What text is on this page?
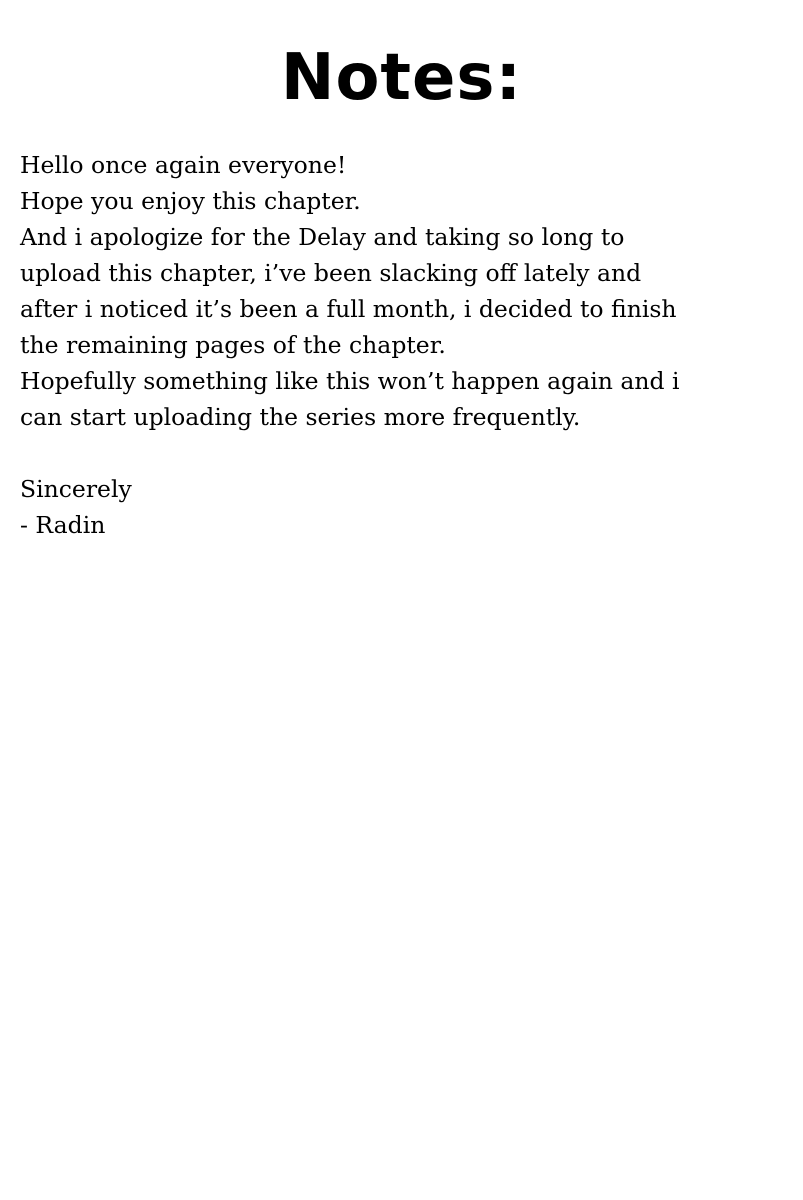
Notes:
Hello once again everyone!
Hope you enjoy this chapter.
And i apologize for the Delay and taking so long to
upload this chapter, i’ve been slacking off lately and
after i noticed it’s been a full month, i decided to finish
the remaining pages of the chapter.
Hopefully something like this won’t happen again and i
can start uploading the series more frequently.
Sincerely
- Radin
